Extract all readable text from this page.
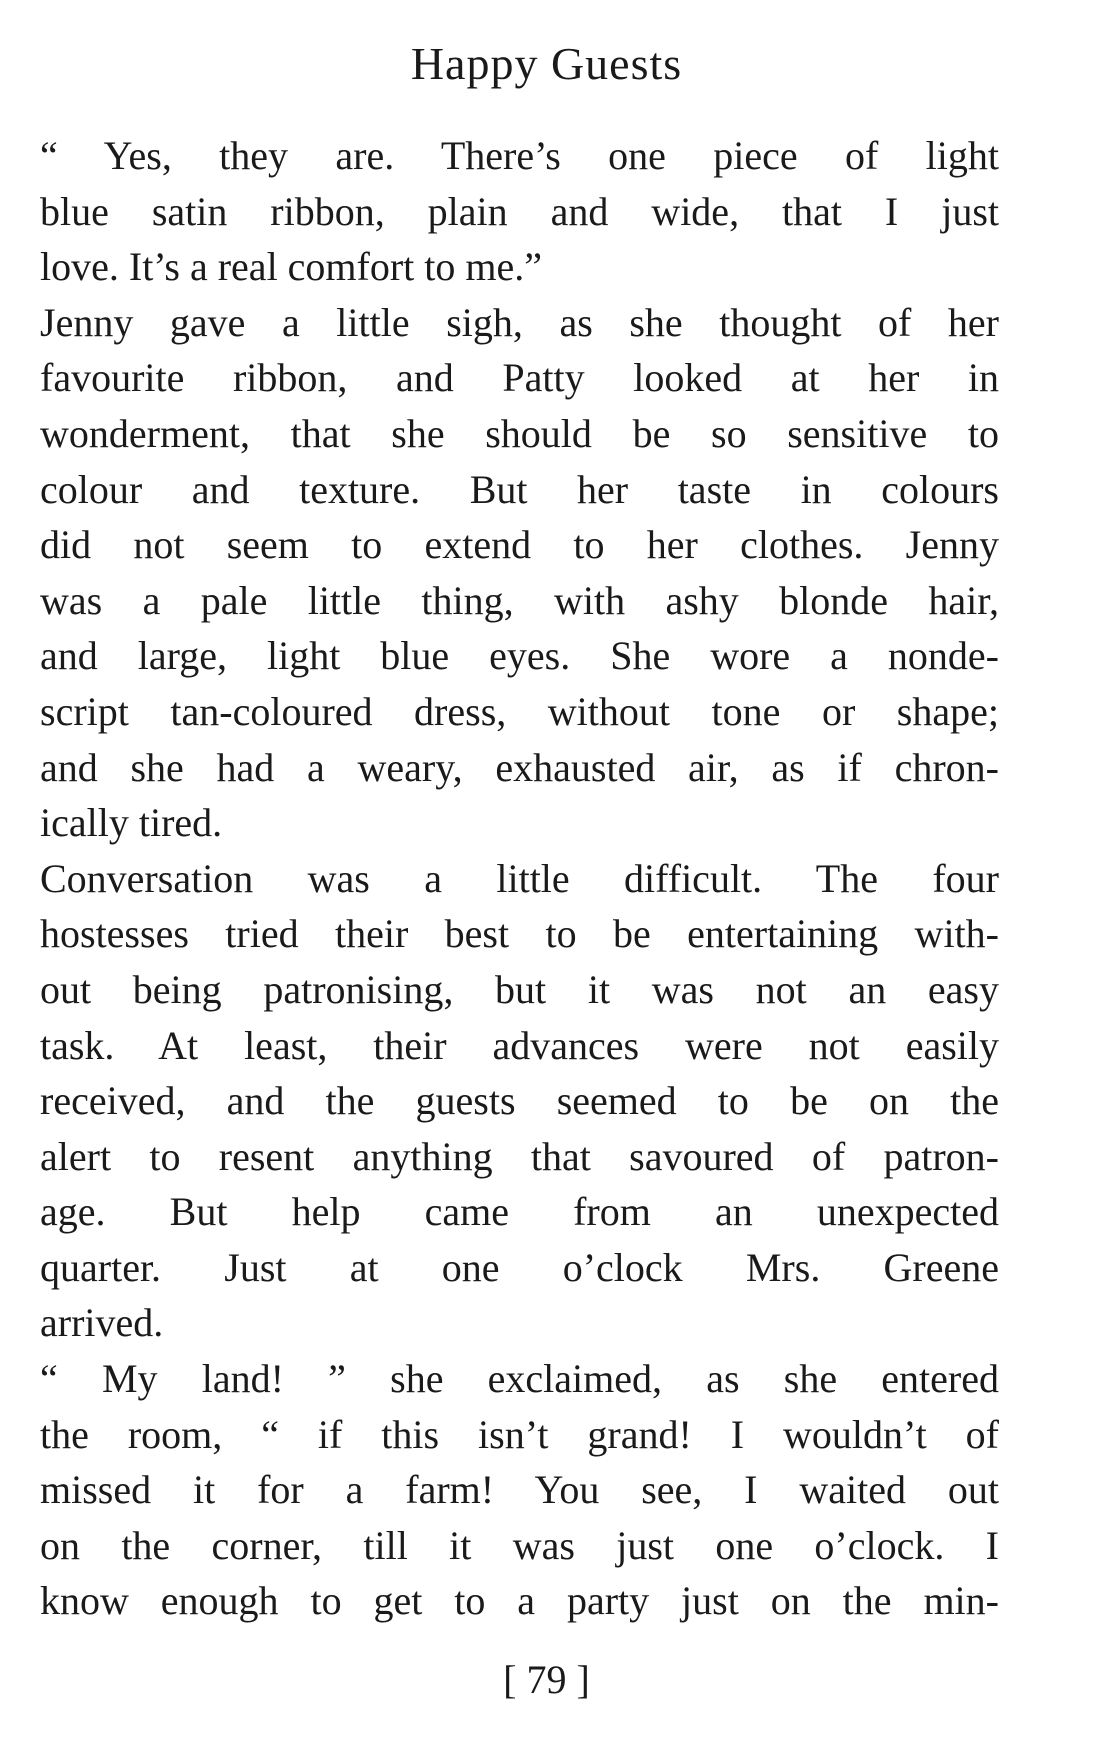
Happy Guests
“ Yes, they are. There’s one piece of light
blue satin ribbon, plain and wide, that I just
love. It’s a real comfort to me.”
Jenny gave a little sigh, as she thought of her
favourite ribbon, and Patty looked at her in
wonderment, that she should be so sensitive to
colour and texture. But her taste in colours
did not seem to extend to her clothes. Jenny
was a pale little thing, with ashy blonde hair,
and large, light blue eyes. She wore a nonde-
script tan-coloured dress, without tone or shape;
and she had a weary, exhausted air, as if chron-
ically tired.
Conversation was a little difficult. The four
hostesses tried their best to be entertaining with-
out being patronising, but it was not an easy
task. At least, their advances were not easily
received, and the guests seemed to be on the
alert to resent anything that savoured of patron-
age. But help came from an unexpected
quarter. Just at one o’clock Mrs. Greene
arrived.
“ My land! ” she exclaimed, as she entered
the room, “ if this isn’t grand! I wouldn’t of
missed it for a farm! You see, I waited out
on the corner, till it was just one o’clock. I
know enough to get to a party just on the min-
[ 79 ]
